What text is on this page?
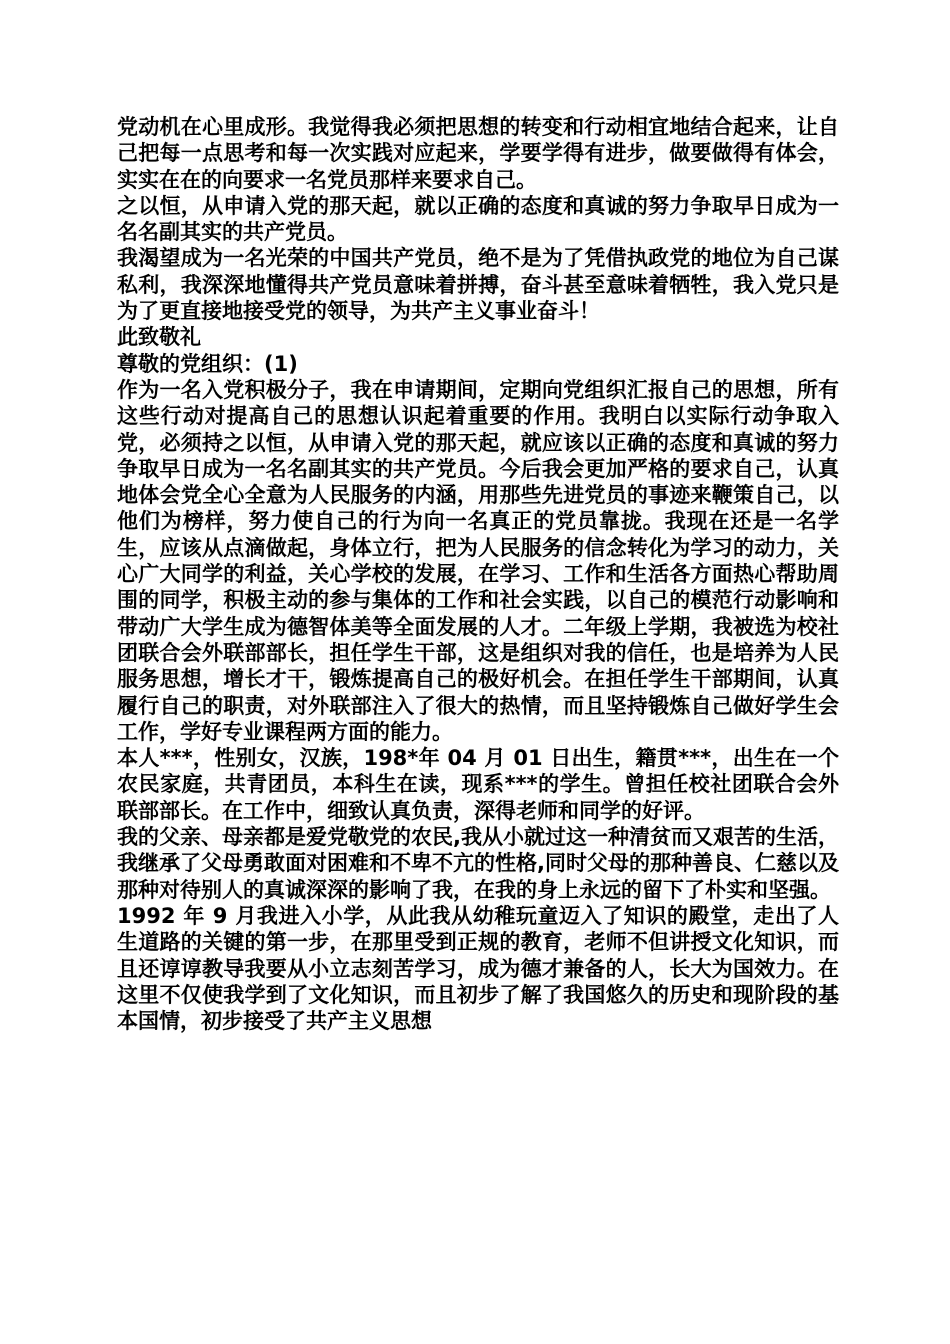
党动机在心里成形。我觉得我必须把思想的转变和行动相宜地结合起来，让自己把每一点思考和每一次实践对应起来，学要学得有进步，做要做得有体会，实实在在的向要求一名党员那样来要求自己。

之以恒，从申请入党的那天起，就以正确的态度和真诚的努力争取早日成为一名名副其实的共产党员。

我渴望成为一名光荣的中国共产党员，绝不是为了凭借执政党的地位为自己谋私利，我深深地懂得共产党员意味着拼搏，奋斗甚至意味着牺牲，我入党只是为了更直接地接受党的领导，为共产主义事业奋斗！

此致敬礼

尊敬的党组织：(1)

作为一名入党积极分子，我在申请期间，定期向党组织汇报自己的思想，所有这些行动对提高自己的思想认识起着重要的作用。我明白以实际行动争取入党，必须持之以恒，从申请入党的那天起，就应该以正确的态度和真诚的努力争取早日成为一名名副其实的共产党员。今后我会更加严格的要求自己，认真地体会党全心全意为人民服务的内涵，用那些先进党员的事迹来鞭策自己，以他们为榜样，努力使自己的行为向一名真正的党员靠拢。我现在还是一名学生，应该从点滴做起，身体立行，把为人民服务的信念转化为学习的动力，关心广大同学的利益，关心学校的发展，在学习、工作和生活各方面热心帮助周围的同学，积极主动的参与集体的工作和社会实践，以自己的模范行动影响和带动广大学生成为德智体美等全面发展的人才。二年级上学期，我被选为校社团联合会外联部部长，担任学生干部，这是组织对我的信任，也是培养为人民服务思想，增长才干，锻炼提高自己的极好机会。在担任学生干部期间，认真履行自己的职责，对外联部注入了很大的热情，而且坚持锻炼自己做好学生会工作，学好专业课程两方面的能力。

本人***，性别女，汉族，198*年 04 月 01 日出生，籍贯***，出生在一个农民家庭，共青团员，本科生在读，现系***的学生。曾担任校社团联合会外联部部长。在工作中，细致认真负责，深得老师和同学的好评。

我的父亲、母亲都是爱党敬党的农民,我从小就过这一种清贫而又艰苦的生活，我继承了父母勇敢面对困难和不卑不亢的性格,同时父母的那种善良、仁慈以及那种对待别人的真诚深深的影响了我，在我的身上永远的留下了朴实和坚强。

1992 年 9 月我进入小学，从此我从幼稚玩童迈入了知识的殿堂，走出了人生道路的关键的第一步，在那里受到正规的教育，老师不但讲授文化知识，而且还谆谆教导我要从小立志刻苦学习，成为德才兼备的人，长大为国效力。在这里不仅使我学到了文化知识，而且初步了解了我国悠久的历史和现阶段的基本国情，初步接受了共产主义思想
